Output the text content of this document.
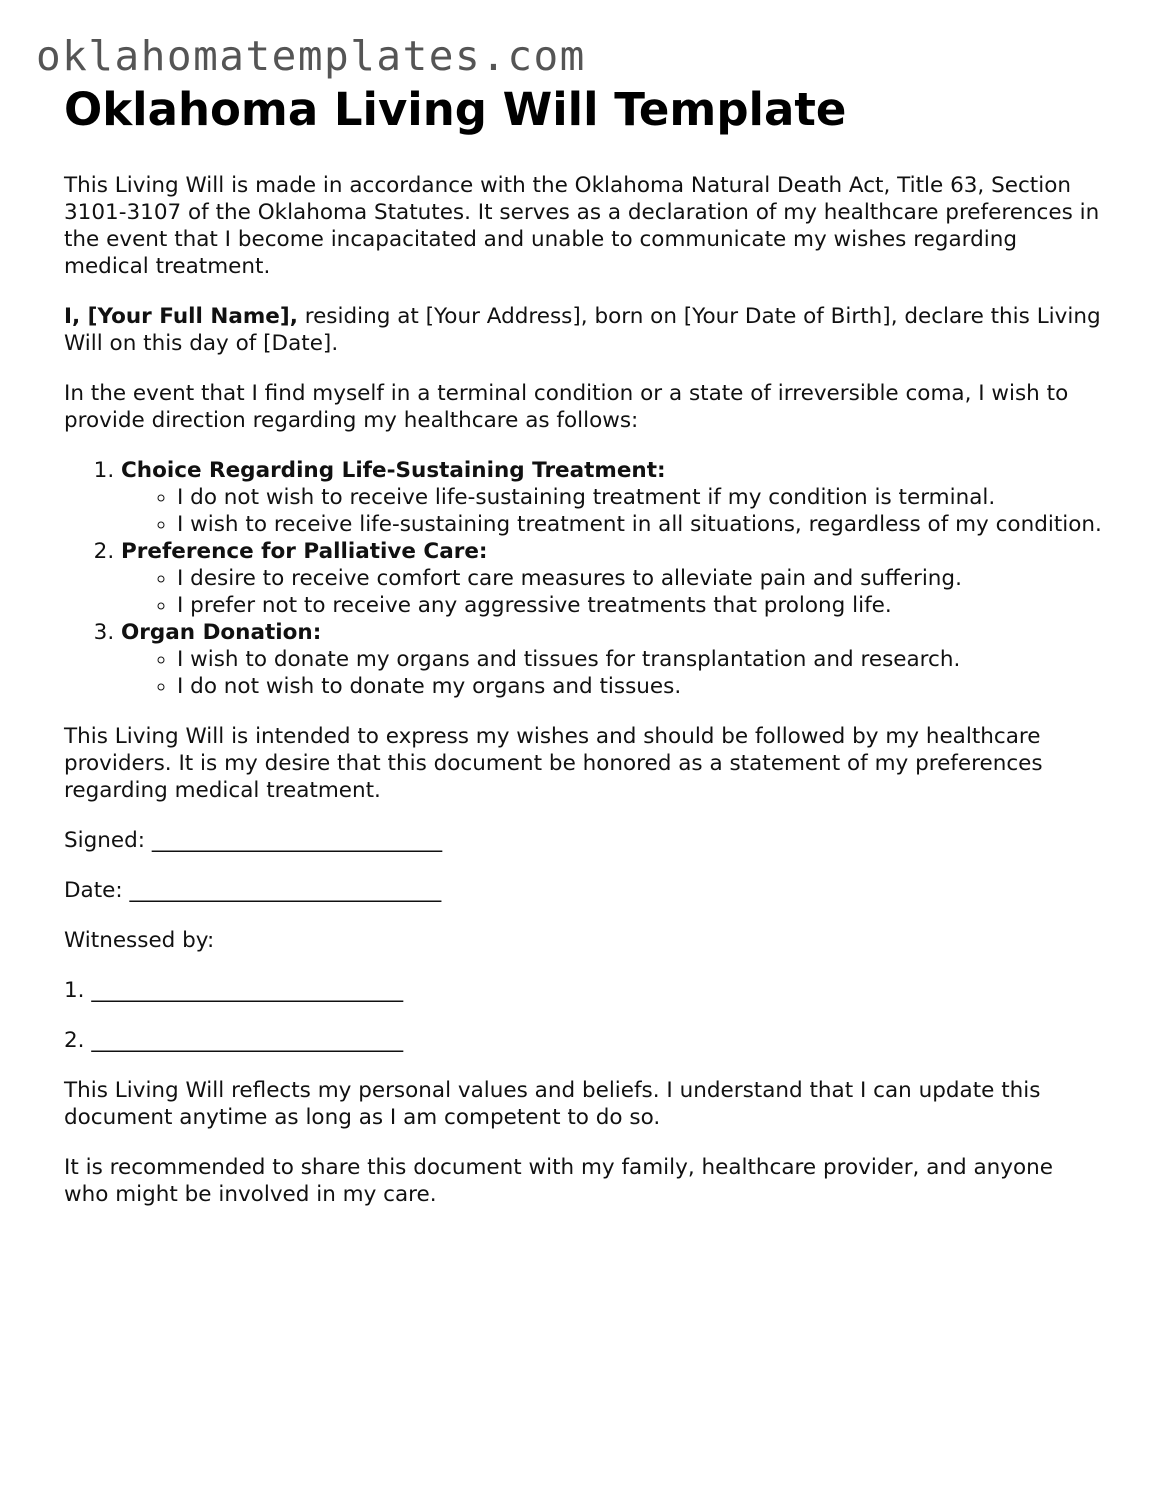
oklahomatemplates.com
Oklahoma Living Will Template

This Living Will is made in accordance with the Oklahoma Natural Death Act, Title 63, Section 3101-3107 of the Oklahoma Statutes. It serves as a declaration of my healthcare preferences in the event that I become incapacitated and unable to communicate my wishes regarding medical treatment.

I, [Your Full Name], residing at [Your Address], born on [Your Date of Birth], declare this Living Will on this day of [Date].

In the event that I find myself in a terminal condition or a state of irreversible coma, I wish to provide direction regarding my healthcare as follows:

1. Choice Regarding Life-Sustaining Treatment:
◦ I do not wish to receive life-sustaining treatment if my condition is terminal.
◦ I wish to receive life-sustaining treatment in all situations, regardless of my condition.
2. Preference for Palliative Care:
◦ I desire to receive comfort care measures to alleviate pain and suffering.
◦ I prefer not to receive any aggressive treatments that prolong life.
3. Organ Donation:
◦ I wish to donate my organs and tissues for transplantation and research.
◦ I do not wish to donate my organs and tissues.

This Living Will is intended to express my wishes and should be followed by my healthcare providers. It is my desire that this document be honored as a statement of my preferences regarding medical treatment.

Signed: ___________________________
Date: _____________________________
Witnessed by:
1. _____________________________
2. _____________________________

This Living Will reflects my personal values and beliefs. I understand that I can update this document anytime as long as I am competent to do so.

It is recommended to share this document with my family, healthcare provider, and anyone who might be involved in my care.
